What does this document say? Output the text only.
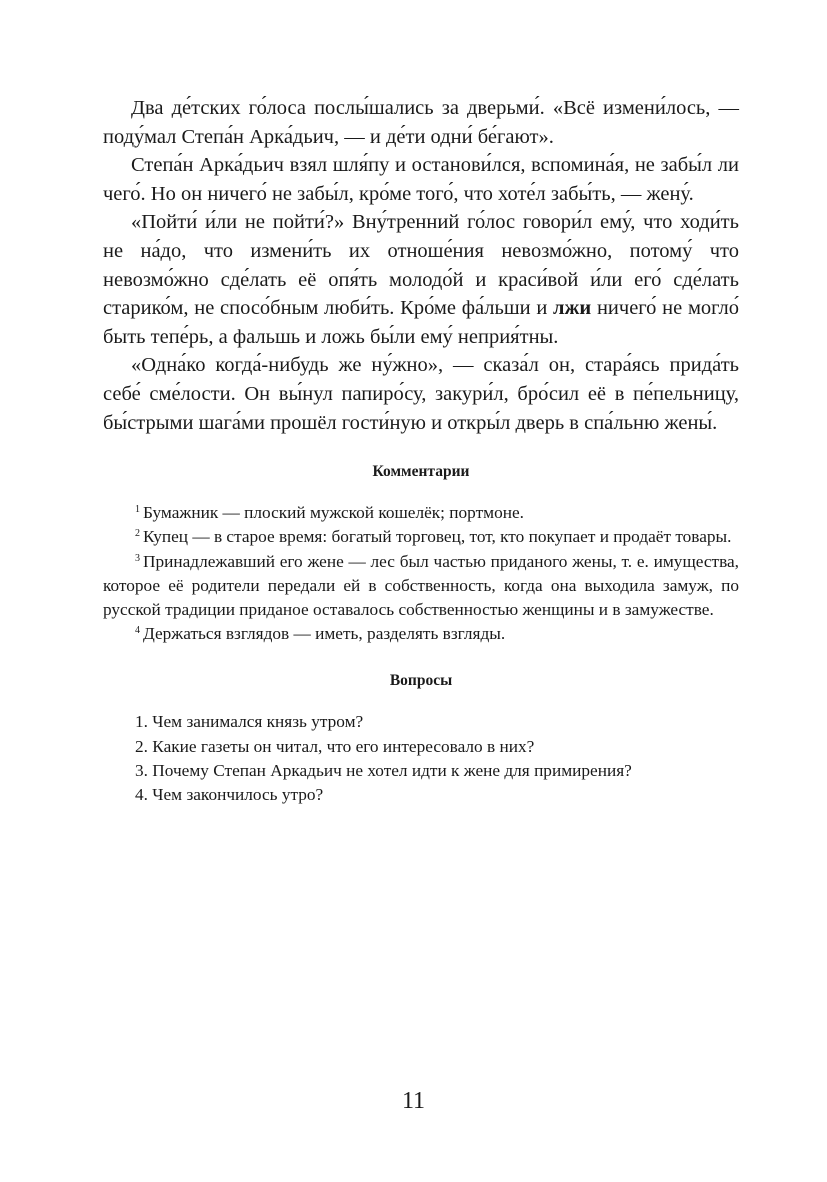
Два де́тских го́лоса послы́шались за дверьми́. «Всё измени́лось, — поду́мал Степа́н Арка́дьич, — и де́ти одни́ бе́гают».

Степа́н Арка́дьич взял шля́пу и останови́лся, вспомина́я, не забы́л ли чего́. Но он ничего́ не забы́л, кро́ме того́, что хоте́л забы́ть, — жену́.

«Пойти́ и́ли не пойти́?» Вну́тренний го́лос говори́л ему́, что ходи́ть не на́до, что измени́ть их отноше́ния невозмо́жно, потому́ что невозмо́жно сде́лать её опя́ть молодо́й и краси́вой и́ли его́ сде́лать старико́м, не спосо́бным люби́ть. Кро́ме фа́льши и лжи ничего́ не могло́ быть тепе́рь, а фальшь и ложь бы́ли ему́ неприя́тны.

«Одна́ко когда́-нибудь же ну́жно», — сказа́л он, стара́ясь прида́ть себе́ сме́лости. Он вы́нул папиро́су, закури́л, бро́сил её в пе́пельницу, бы́стрыми шага́ми прошёл гости́ную и откры́л дверь в спа́льню жены́.

Комментарии

$^1$ Бумажник — плоский мужской кошелёк; портмоне.

$^2$ Купец — в старое время: богатый торговец, тот, кто покупает и продаёт товары.

$^3$ Принадлежавший его жене — лес был частью приданого жены, т. е. имущества, которое её родители передали ей в собственность, когда она выходила замуж, по русской традиции приданое оставалось собственностью женщины и в замужестве.

$^4$ Держаться взглядов — иметь, разделять взгляды.

Вопросы
1. Чем занимался князь утром?
2. Какие газеты он читал, что его интересовало в них?
3. Почему Степан Аркадьич не хотел идти к жене для примирения?
4. Чем закончилось утро?
11
